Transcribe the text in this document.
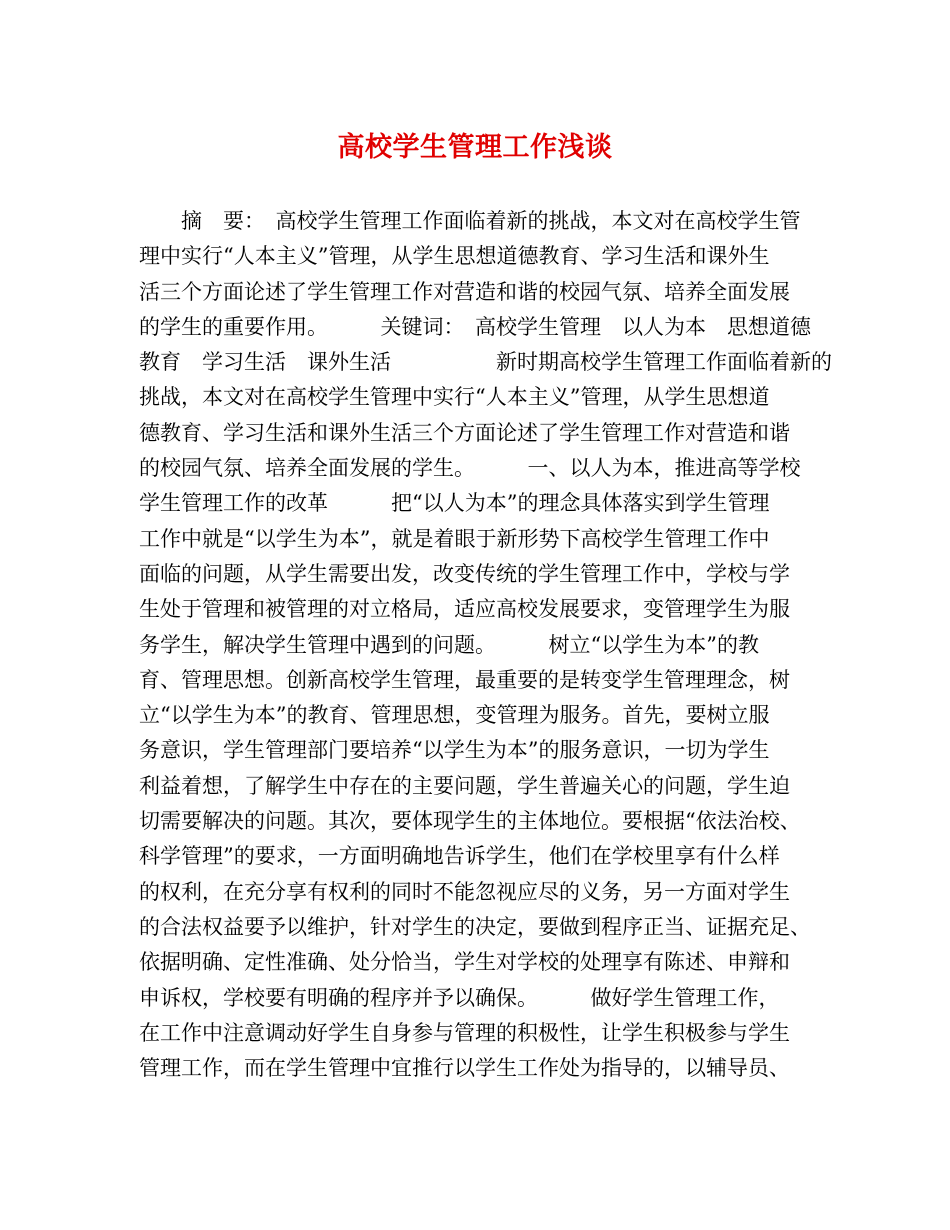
高校学生管理工作浅谈
　　摘　要：　高校学生管理工作面临着新的挑战，本文对在高校学生管
理中实行“人本主义”管理，从学生思想道德教育、学习生活和课外生
活三个方面论述了学生管理工作对营造和谐的校园气氛、培养全面发展
的学生的重要作用。　　　关键词：　高校学生管理　以人为本　思想道德
教育　学习生活　课外生活　　　　　新时期高校学生管理工作面临着新的
挑战，本文对在高校学生管理中实行“人本主义”管理，从学生思想道
德教育、学习生活和课外生活三个方面论述了学生管理工作对营造和谐
的校园气氛、培养全面发展的学生。　　　一、以人为本，推进高等学校
学生管理工作的改革　　　把“以人为本”的理念具体落实到学生管理
工作中就是“以学生为本”，就是着眼于新形势下高校学生管理工作中
面临的问题，从学生需要出发，改变传统的学生管理工作中，学校与学
生处于管理和被管理的对立格局，适应高校发展要求，变管理学生为服
务学生，解决学生管理中遇到的问题。　　　树立“以学生为本”的教
育、管理思想。创新高校学生管理，最重要的是转变学生管理理念，树
立“以学生为本”的教育、管理思想，变管理为服务。首先，要树立服
务意识，学生管理部门要培养“以学生为本”的服务意识，一切为学生
利益着想，了解学生中存在的主要问题，学生普遍关心的问题，学生迫
切需要解决的问题。其次，要体现学生的主体地位。要根据“依法治校、
科学管理”的要求，一方面明确地告诉学生，他们在学校里享有什么样
的权利，在充分享有权利的同时不能忽视应尽的义务，另一方面对学生
的合法权益要予以维护，针对学生的决定，要做到程序正当、证据充足、
依据明确、定性准确、处分恰当，学生对学校的处理享有陈述、申辩和
申诉权，学校要有明确的程序并予以确保。　　　做好学生管理工作，
在工作中注意调动好学生自身参与管理的积极性，让学生积极参与学生
管理工作，而在学生管理中宜推行以学生工作处为指导的，以辅导员、
